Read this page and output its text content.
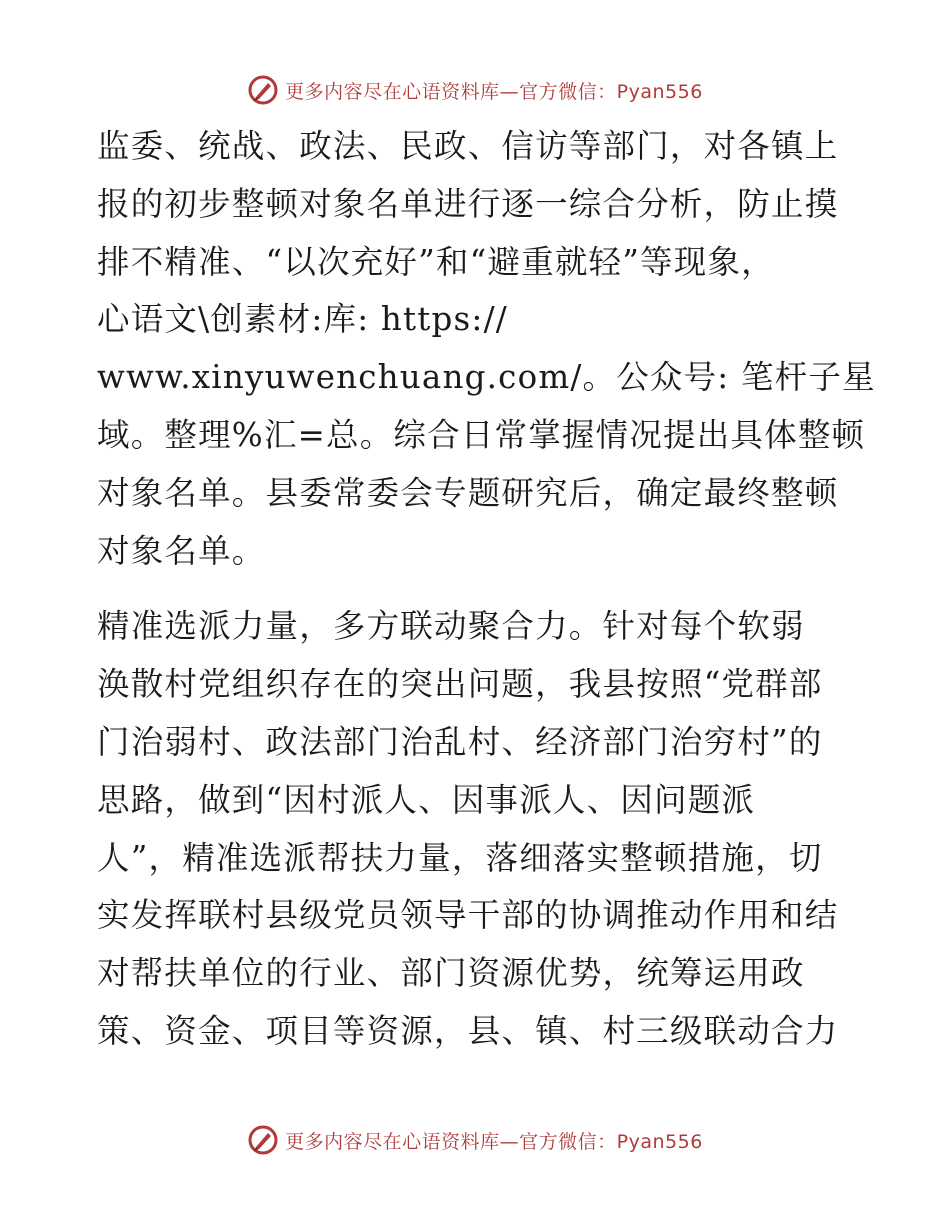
更多内容尽在心语资料库—官方微信：Pyan556
监委、统战、政法、民政、信访等部门，对各镇上
报的初步整顿对象名单进行逐一综合分析，防止摸
排不精准、“以次充好”和“避重就轻”等现象，
心语文\创素材:库: https://
www.xinyuwenchuang.com/。公众号: 笔杆子星
域。整理%汇=总。综合日常掌握情况提出具体整顿
对象名单。县委常委会专题研究后，确定最终整顿
对象名单。
精准选派力量，多方联动聚合力。针对每个软弱
涣散村党组织存在的突出问题，我县按照“党群部
门治弱村、政法部门治乱村、经济部门治穷村”的
思路，做到“因村派人、因事派人、因问题派
人”，精准选派帮扶力量，落细落实整顿措施，切
实发挥联村县级党员领导干部的协调推动作用和结
对帮扶单位的行业、部门资源优势，统筹运用政
策、资金、项目等资源，县、镇、村三级联动合力
更多内容尽在心语资料库—官方微信：Pyan556
